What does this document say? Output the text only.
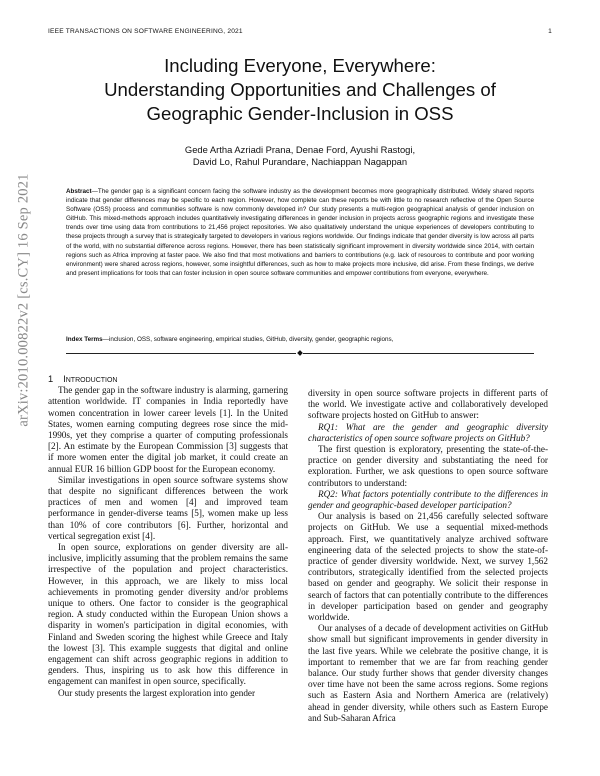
IEEE TRANSACTIONS ON SOFTWARE ENGINEERING, 2021	1
arXiv:2010.00822v2 [cs.CY] 16 Sep 2021
Including Everyone, Everywhere:
Understanding Opportunities and Challenges of
Geographic Gender-Inclusion in OSS
Gede Artha Azriadi Prana, Denae Ford, Ayushi Rastogi,
David Lo, Rahul Purandare, Nachiappan Nagappan
Abstract—The gender gap is a significant concern facing the software industry as the development becomes more geographically distributed. Widely shared reports indicate that gender differences may be specific to each region. However, how complete can these reports be with little to no research reflective of the Open Source Software (OSS) process and communities software is now commonly developed in? Our study presents a multi-region geographical analysis of gender inclusion on GitHub. This mixed-methods approach includes quantitatively investigating differences in gender inclusion in projects across geographic regions and investigate these trends over time using data from contributions to 21,456 project repositories. We also qualitatively understand the unique experiences of developers contributing to these projects through a survey that is strategically targeted to developers in various regions worldwide. Our findings indicate that gender diversity is low across all parts of the world, with no substantial difference across regions. However, there has been statistically significant improvement in diversity worldwide since 2014, with certain regions such as Africa improving at faster pace. We also find that most motivations and barriers to contributions (e.g. lack of resources to contribute and poor working environment) were shared across regions, however, some insightful differences, such as how to make projects more inclusive, did arise. From these findings, we derive and present implications for tools that can foster inclusion in open source software communities and empower contributions from everyone, everywhere.
Index Terms—inclusion, OSS, software engineering, empirical studies, GitHub, diversity, gender, geographic regions,

1 Introduction

The gender gap in the software industry is alarming, garnering attention worldwide. IT companies in India reportedly have women concentration in lower career levels [1]. In the United States, women earning computing degrees rose since the mid-1990s, yet they comprise a quarter of computing professionals [2]. An estimate by the European Commission [3] suggests that if more women enter the digital job market, it could create an annual EUR 16 billion GDP boost for the European economy.

Similar investigations in open source software systems show that despite no significant differences between the work practices of men and women [4] and improved team performance in gender-diverse teams [5], women make up less than 10% of core contributors [6]. Further, horizontal and vertical segregation exist [4].

In open source, explorations on gender diversity are all-inclusive, implicitly assuming that the problem remains the same irrespective of the population and project characteristics. However, in this approach, we are likely to miss local achievements in promoting gender diversity and/or problems unique to others. One factor to consider is the geographical region. A study conducted within the European Union shows a disparity in women's participation in digital economies, with Finland and Sweden scoring the highest while Greece and Italy the lowest [3]. This example suggests that digital and online engagement can shift across geographic regions in addition to genders. Thus, inspiring us to ask how this difference in engagement can manifest in open source, specifically.

Our study presents the largest exploration into gender

diversity in open source software projects in different parts of the world. We investigate active and collaboratively developed software projects hosted on GitHub to answer:

RQ1: What are the gender and geographic diversity characteristics of open source software projects on GitHub?

The first question is exploratory, presenting the state-of-the-practice on gender diversity and substantiating the need for exploration. Further, we ask questions to open source software contributors to understand:

RQ2: What factors potentially contribute to the differences in gender and geographic-based developer participation?

Our analysis is based on 21,456 carefully selected software projects on GitHub. We use a sequential mixed-methods approach. First, we quantitatively analyze archived software engineering data of the selected projects to show the state-of-practice of gender diversity worldwide. Next, we survey 1,562 contributors, strategically identified from the selected projects based on gender and geography. We solicit their response in search of factors that can potentially contribute to the differences in developer participation based on gender and geography worldwide.

Our analyses of a decade of development activities on GitHub show small but significant improvements in gender diversity in the last five years. While we celebrate the positive change, it is important to remember that we are far from reaching gender balance. Our study further shows that gender diversity changes over time have not been the same across regions. Some regions such as Eastern Asia and Northern America are (relatively) ahead in gender diversity, while others such as Eastern Europe and Sub-Saharan Africa
